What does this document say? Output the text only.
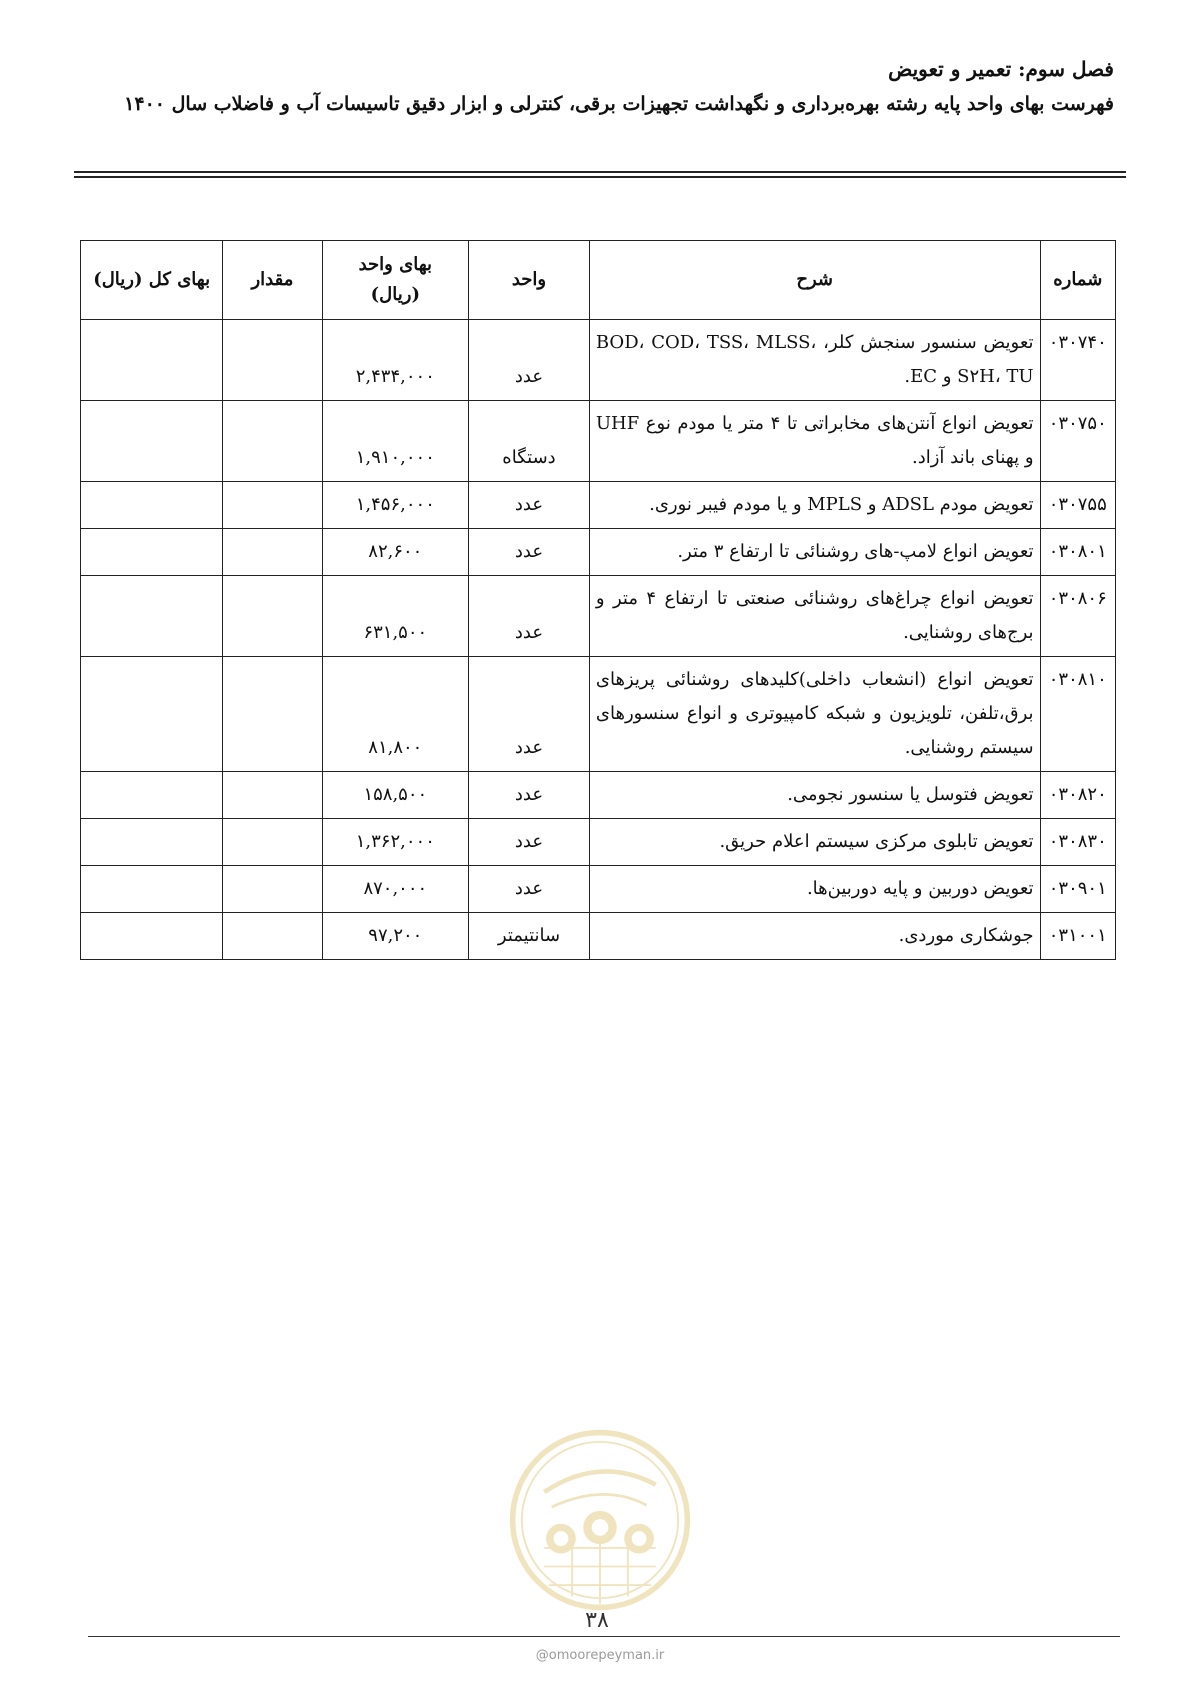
فصل سوم: تعمیر و تعویض
فهرست بهای واحد پایه رشته بهره‌برداری و نگهداشت تجهیزات برقی، کنترلی و ابزار دقیق تاسیسات آب و فاضلاب سال ۱۴۰۰
شماره	شرح	واحد	بهای واحد (ریال)	مقدار	بهای کل (ریال)
۰۳۰۷۴۰	تعویض سنسور سنجش کلر، BOD، COD، TSS، MLSS، S۲H، TU و EC.	عدد	۲,۴۳۴,۰۰۰		
۰۳۰۷۵۰	تعویض انواع آنتن‌های مخابراتی تا ۴ متر یا مودم نوع UHF و پهنای باند آزاد.	دستگاه	۱,۹۱۰,۰۰۰		
۰۳۰۷۵۵	تعویض مودم ADSL و MPLS و یا مودم فیبر نوری.	عدد	۱,۴۵۶,۰۰۰		
۰۳۰۸۰۱	تعویض انواع لامپ-های روشنائی تا ارتفاع ۳ متر.	عدد	۸۲,۶۰۰		
۰۳۰۸۰۶	تعویض انواع چراغ‌های روشنائی صنعتی تا ارتفاع ۴ متر و برج‌های روشنایی.	عدد	۶۳۱,۵۰۰		
۰۳۰۸۱۰	تعویض انواع (انشعاب داخلی)کلیدهای روشنائی پریزهای برق،تلفن، تلویزیون و شبکه کامپیوتری و انواع سنسورهای سیستم روشنایی.	عدد	۸۱,۸۰۰		
۰۳۰۸۲۰	تعویض فتوسل یا سنسور نجومی.	عدد	۱۵۸,۵۰۰		
۰۳۰۸۳۰	تعویض تابلوی مرکزی سیستم اعلام حریق.	عدد	۱,۳۶۲,۰۰۰		
۰۳۰۹۰۱	تعویض دوربین و پایه دوربین‌ها.	عدد	۸۷۰,۰۰۰		
۰۳۱۰۰۱	جوشکاری موردی.	سانتیمتر	۹۷,۲۰۰		
۳۸
@omoorepeyman.ir
